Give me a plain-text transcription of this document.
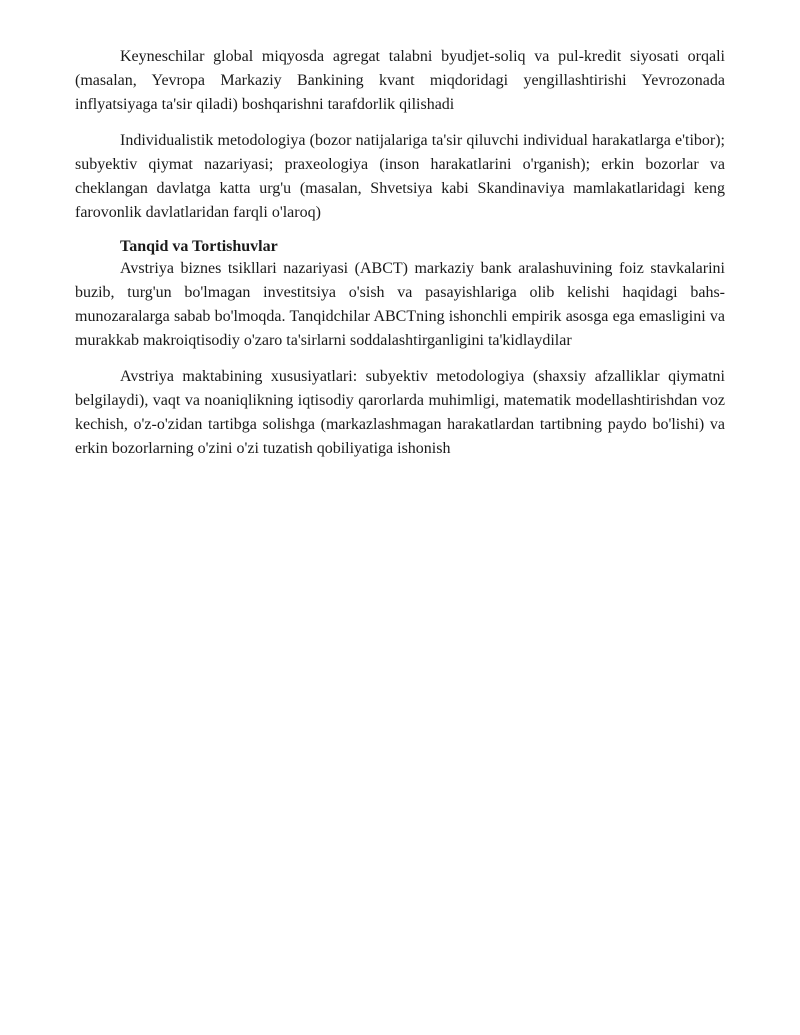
Keyneschilar global miqyosda agregat talabni byudjet-soliq va pul-kredit siyosati orqali (masalan, Yevropa Markaziy Bankining kvant miqdoridagi yengillashtirishi Yevrozonada inflyatsiyaga ta'sir qiladi) boshqarishni tarafdorlik qilishadi

Individualistik metodologiya (bozor natijalariga ta'sir qiluvchi individual harakatlarga e'tibor); subyektiv qiymat nazariyasi; praxeologiya (inson harakatlarini o'rganish); erkin bozorlar va cheklangan davlatga katta urg'u (masalan, Shvetsiya kabi Skandinaviya mamlakatlaridagi keng farovonlik davlatlaridan farqli o'laroq)

Tanqid va Tortishuvlar

Avstriya biznes tsikllari nazariyasi (ABCT) markaziy bank aralashuvining foiz stavkalarini buzib, turg'un bo'lmagan investitsiya o'sish va pasayishlariga olib kelishi haqidagi bahs-munozaralarga sabab bo'lmoqda. Tanqidchilar ABCTning ishonchli empirik asosga ega emasligini va murakkab makroiqtisodiy o'zaro ta'sirlarni soddalashtirganligini ta'kidlaydilar

Avstriya maktabining xususiyatlari: subyektiv metodologiya (shaxsiy afzalliklar qiymatni belgilaydi), vaqt va noaniqlikning iqtisodiy qarorlarda muhimligi, matematik modellashtirishdan voz kechish, o'z-o'zidan tartibga solishga (markazlashmagan harakatlardan tartibning paydo bo'lishi) va erkin bozorlarning o'zini o'zi tuzatish qobiliyatiga ishonish
